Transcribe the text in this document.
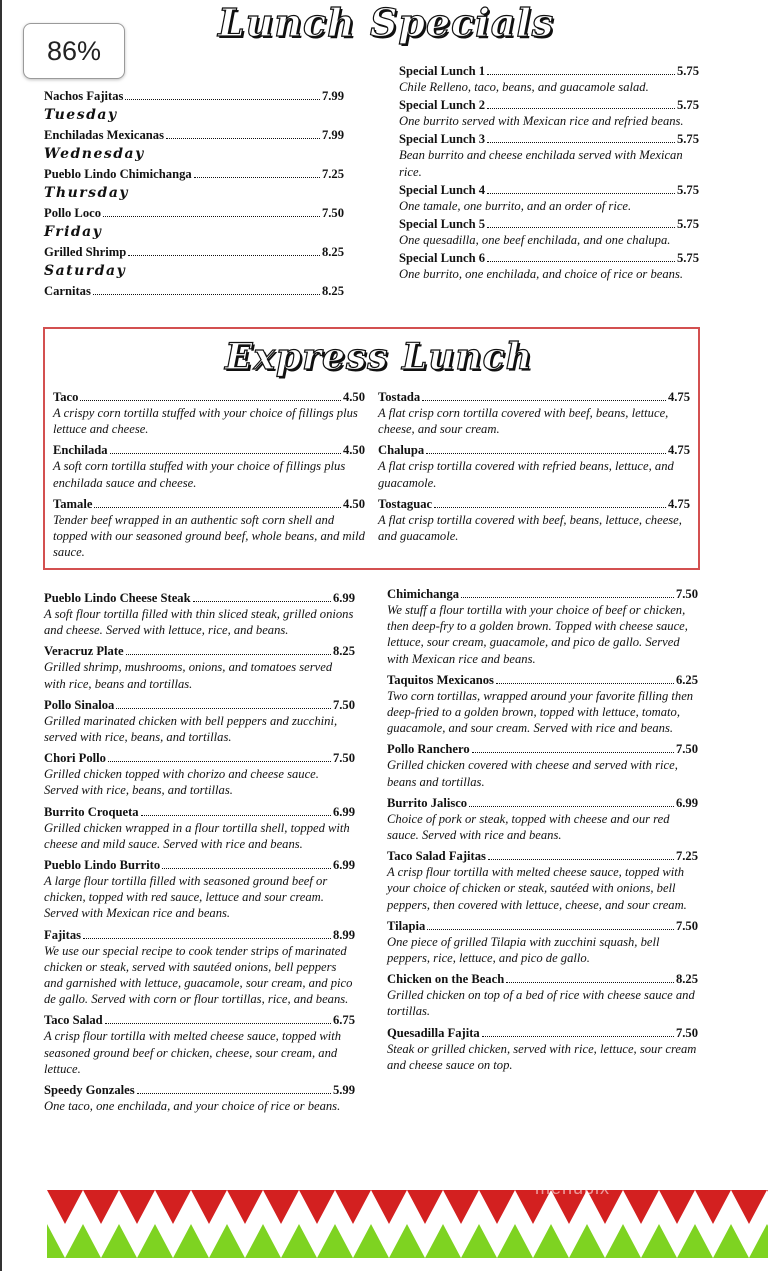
86%
Lunch Specials
Nachos Fajitas	7.99
Tuesday
Enchiladas Mexicanas	7.99
Wednesday
Pueblo Lindo Chimichanga	7.25
Thursday
Pollo Loco	7.50
Friday
Grilled Shrimp	8.25
Saturday
Carnitas	8.25
Special Lunch 1	5.75
Chile Relleno, taco, beans, and guacamole salad.
Special Lunch 2	5.75
One burrito served with Mexican rice and refried beans.
Special Lunch 3	5.75
Bean burrito and cheese enchilada served with Mexican rice.
Special Lunch 4	5.75
One tamale, one burrito, and an order of rice.
Special Lunch 5	5.75
One quesadilla, one beef enchilada, and one chalupa.
Special Lunch 6	5.75
One burrito, one enchilada, and choice of rice or beans.
Express Lunch
Taco	4.50
A crispy corn tortilla stuffed with your choice of fillings plus lettuce and cheese.
Enchilada	4.50
A soft corn tortilla stuffed with your choice of fillings plus enchilada sauce and cheese.
Tamale	4.50
Tender beef wrapped in an authentic soft corn shell and topped with our seasoned ground beef, whole beans, and mild sauce.
Tostada	4.75
A flat crisp corn tortilla covered with beef, beans, lettuce, cheese, and sour cream.
Chalupa	4.75
A flat crisp tortilla covered with refried beans, lettuce, and guacamole.
Tostaguac	4.75
A flat crisp tortilla covered with beef, beans, lettuce, cheese, and guacamole.
Pueblo Lindo Cheese Steak	6.99
A soft flour tortilla filled with thin sliced steak, grilled onions and cheese. Served with lettuce, rice, and beans.
Veracruz Plate	8.25
Grilled shrimp, mushrooms, onions, and tomatoes served with rice, beans and tortillas.
Pollo Sinaloa	7.50
Grilled marinated chicken with bell peppers and zucchini, served with rice, beans, and tortillas.
Chori Pollo	7.50
Grilled chicken topped with chorizo and cheese sauce. Served with rice, beans, and tortillas.
Burrito Croqueta	6.99
Grilled chicken wrapped in a flour tortilla shell, topped with cheese and mild sauce. Served with rice and beans.
Pueblo Lindo Burrito	6.99
A large flour tortilla filled with seasoned ground beef or chicken, topped with red sauce, lettuce and sour cream. Served with Mexican rice and beans.
Fajitas	8.99
We use our special recipe to cook tender strips of marinated chicken or steak, served with sautéed onions, bell peppers and garnished with lettuce, guacamole, sour cream, and pico de gallo. Served with corn or flour tortillas, rice, and beans.
Taco Salad	6.75
A crisp flour tortilla with melted cheese sauce, topped with seasoned ground beef or chicken, cheese, sour cream, and lettuce.
Speedy Gonzales	5.99
One taco, one enchilada, and your choice of rice or beans.
Chimichanga	7.50
We stuff a flour tortilla with your choice of beef or chicken, then deep-fry to a golden brown. Topped with cheese sauce, lettuce, sour cream, guacamole, and pico de gallo. Served with Mexican rice and beans.
Taquitos Mexicanos	6.25
Two corn tortillas, wrapped around your favorite filling then deep-fried to a golden brown, topped with lettuce, tomato, guacamole, and sour cream. Served with rice and beans.
Pollo Ranchero	7.50
Grilled chicken covered with cheese and served with rice, beans and tortillas.
Burrito Jalisco	6.99
Choice of pork or steak, topped with cheese and our red sauce. Served with rice and beans.
Taco Salad Fajitas	7.25
A crisp flour tortilla with melted cheese sauce, topped with your choice of chicken or steak, sautéed with onions, bell peppers, then covered with lettuce, cheese, and sour cream.
Tilapia	7.50
One piece of grilled Tilapia with zucchini squash, bell peppers, rice, lettuce, and pico de gallo.
Chicken on the Beach	8.25
Grilled chicken on top of a bed of rice with cheese sauce and tortillas.
Quesadilla Fajita	7.50
Steak or grilled chicken, served with rice, lettuce, sour cream and cheese sauce on top.
menupix
